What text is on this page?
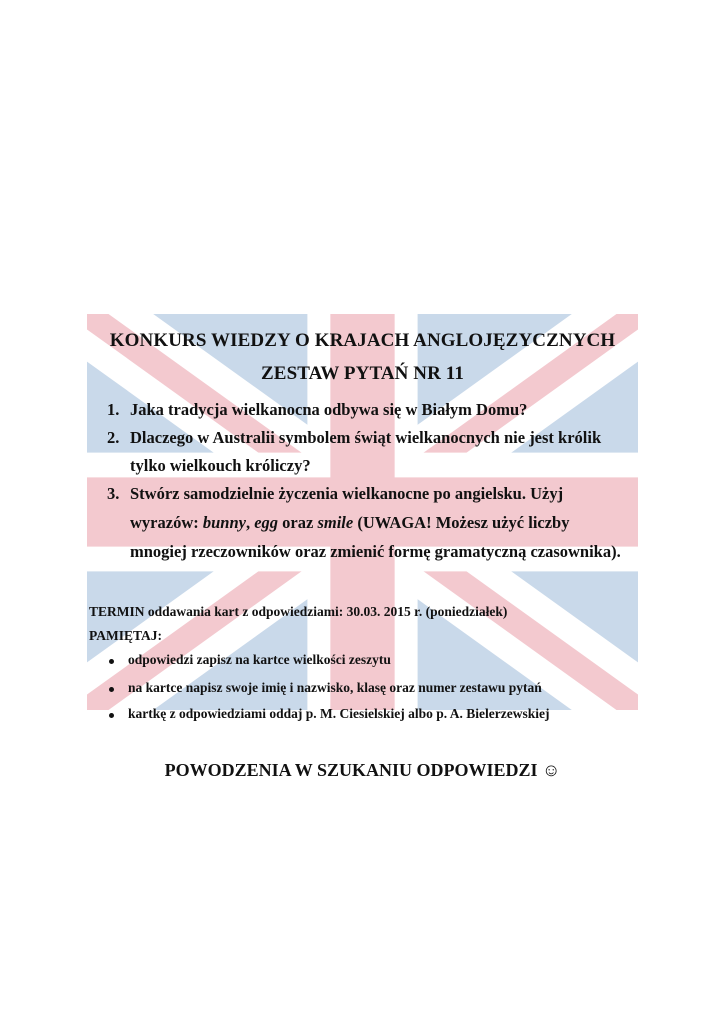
KONKURS WIEDZY O KRAJACH ANGLOJĘZYCZNYCH
ZESTAW PYTAŃ NR 11
1. Jaka tradycja wielkanocna odbywa się w Białym Domu?
2. Dlaczego w Australii symbolem świąt wielkanocnych nie jest królik
tylko wielkouch króliczy?
3. Stwórz samodzielnie życzenia wielkanocne po angielsku. Użyj
wyrazów: bunny, egg oraz smile (UWAGA! Możesz użyć liczby
mnogiej rzeczowników oraz zmienić formę gramatyczną czasownika).
TERMIN oddawania kart z odpowiedziami: 30.03. 2015 r. (poniedziałek)
PAMIĘTAJ:
odpowiedzi zapisz na kartce wielkości zeszytu
na kartce napisz swoje imię i nazwisko, klasę oraz numer zestawu pytań
kartkę z odpowiedziami oddaj p. M. Ciesielskiej albo p. A. Bielerzewskiej
POWODZENIA W SZUKANIU ODPOWIEDZI ☺
